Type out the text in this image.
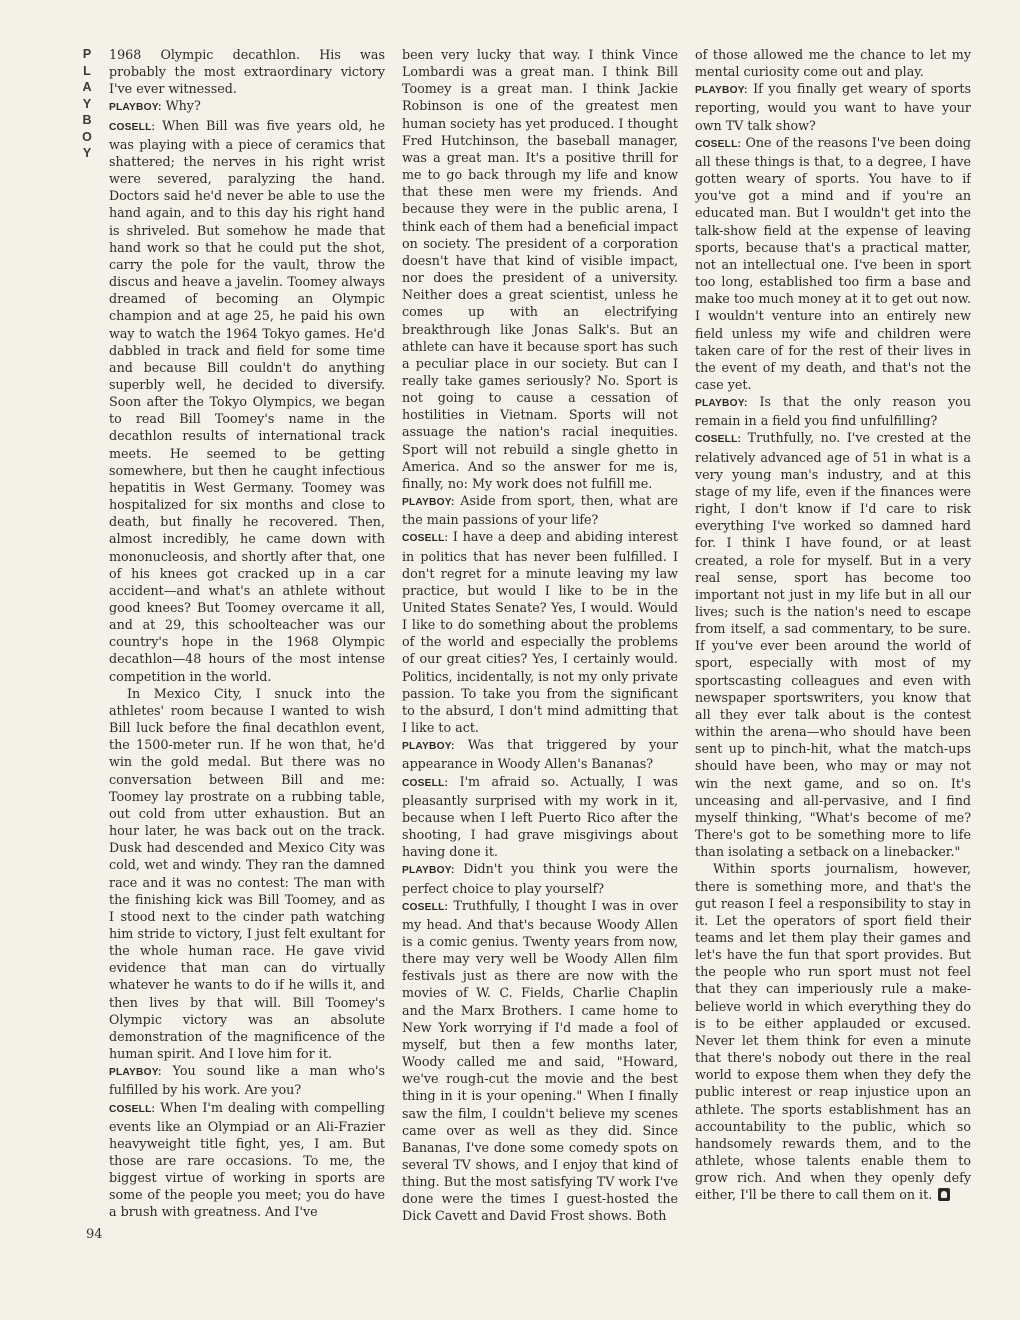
P
L
A
Y
B
O
Y

1968 Olympic decathlon. His was probably the most extraordinary victory I've ever witnessed.

PLAYBOY: Why?

COSELL: When Bill was five years old, he was playing with a piece of ceramics that shattered; the nerves in his right wrist were severed, paralyzing the hand. Doctors said he'd never be able to use the hand again, and to this day his right hand is shriveled. But somehow he made that hand work so that he could put the shot, carry the pole for the vault, throw the discus and heave a javelin. Toomey always dreamed of becoming an Olympic champion and at age 25, he paid his own way to watch the 1964 Tokyo games. He'd dabbled in track and field for some time and because Bill couldn't do anything superbly well, he decided to diversify. Soon after the Tokyo Olympics, we began to read Bill Toomey's name in the decathlon results of international track meets. He seemed to be getting somewhere, but then he caught infectious hepatitis in West Germany. Toomey was hospitalized for six months and close to death, but finally he recovered. Then, almost incredibly, he came down with mononucleosis, and shortly after that, one of his knees got cracked up in a car accident—and what's an athlete without good knees? But Toomey overcame it all, and at 29, this schoolteacher was our country's hope in the 1968 Olympic decathlon—48 hours of the most intense competition in the world.

In Mexico City, I snuck into the athletes' room because I wanted to wish Bill luck before the final decathlon event, the 1500-meter run. If he won that, he'd win the gold medal. But there was no conversation between Bill and me: Toomey lay prostrate on a rubbing table, out cold from utter exhaustion. But an hour later, he was back out on the track. Dusk had descended and Mexico City was cold, wet and windy. They ran the damned race and it was no contest: The man with the finishing kick was Bill Toomey, and as I stood next to the cinder path watching him stride to victory, I just felt exultant for the whole human race. He gave vivid evidence that man can do virtually whatever he wants to do if he wills it, and then lives by that will. Bill Toomey's Olympic victory was an absolute demonstration of the magnificence of the human spirit. And I love him for it.

PLAYBOY: You sound like a man who's fulfilled by his work. Are you?

COSELL: When I'm dealing with compelling events like an Olympiad or an Ali-Frazier heavyweight title fight, yes, I am. But those are rare occasions. To me, the biggest virtue of working in sports are some of the people you meet; you do have a brush with greatness. And I've

been very lucky that way. I think Vince Lombardi was a great man. I think Bill Toomey is a great man. I think Jackie Robinson is one of the greatest men human society has yet produced. I thought Fred Hutchinson, the baseball manager, was a great man. It's a positive thrill for me to go back through my life and know that these men were my friends. And because they were in the public arena, I think each of them had a beneficial impact on society. The president of a corporation doesn't have that kind of visible impact, nor does the president of a university. Neither does a great scientist, unless he comes up with an electrifying breakthrough like Jonas Salk's. But an athlete can have it because sport has such a peculiar place in our society. But can I really take games seriously? No. Sport is not going to cause a cessation of hostilities in Vietnam. Sports will not assuage the nation's racial inequities. Sport will not rebuild a single ghetto in America. And so the answer for me is, finally, no: My work does not fulfill me.

PLAYBOY: Aside from sport, then, what are the main passions of your life?

COSELL: I have a deep and abiding interest in politics that has never been fulfilled. I don't regret for a minute leaving my law practice, but would I like to be in the United States Senate? Yes, I would. Would I like to do something about the problems of the world and especially the problems of our great cities? Yes, I certainly would. Politics, incidentally, is not my only private passion. To take you from the significant to the absurd, I don't mind admitting that I like to act.

PLAYBOY: Was that triggered by your appearance in Woody Allen's Bananas?

COSELL: I'm afraid so. Actually, I was pleasantly surprised with my work in it, because when I left Puerto Rico after the shooting, I had grave misgivings about having done it.

PLAYBOY: Didn't you think you were the perfect choice to play yourself?

COSELL: Truthfully, I thought I was in over my head. And that's because Woody Allen is a comic genius. Twenty years from now, there may very well be Woody Allen film festivals just as there are now with the movies of W. C. Fields, Charlie Chaplin and the Marx Brothers. I came home to New York worrying if I'd made a fool of myself, but then a few months later, Woody called me and said, "Howard, we've rough-cut the movie and the best thing in it is your opening." When I finally saw the film, I couldn't believe my scenes came over as well as they did. Since Bananas, I've done some comedy spots on several TV shows, and I enjoy that kind of thing. But the most satisfying TV work I've done were the times I guest-hosted the Dick Cavett and David Frost shows. Both

of those allowed me the chance to let my mental curiosity come out and play.

PLAYBOY: If you finally get weary of sports reporting, would you want to have your own TV talk show?

COSELL: One of the reasons I've been doing all these things is that, to a degree, I have gotten weary of sports. You have to if you've got a mind and if you're an educated man. But I wouldn't get into the talk-show field at the expense of leaving sports, because that's a practical matter, not an intellectual one. I've been in sport too long, established too firm a base and make too much money at it to get out now. I wouldn't venture into an entirely new field unless my wife and children were taken care of for the rest of their lives in the event of my death, and that's not the case yet.

PLAYBOY: Is that the only reason you remain in a field you find unfulfilling?

COSELL: Truthfully, no. I've crested at the relatively advanced age of 51 in what is a very young man's industry, and at this stage of my life, even if the finances were right, I don't know if I'd care to risk everything I've worked so damned hard for. I think I have found, or at least created, a role for myself. But in a very real sense, sport has become too important not just in my life but in all our lives; such is the nation's need to escape from itself, a sad commentary, to be sure. If you've ever been around the world of sport, especially with most of my sportscasting colleagues and even with newspaper sportswriters, you know that all they ever talk about is the contest within the arena—who should have been sent up to pinch-hit, what the match-ups should have been, who may or may not win the next game, and so on. It's unceasing and all-pervasive, and I find myself thinking, "What's become of me? There's got to be something more to life than isolating a setback on a linebacker."

Within sports journalism, however, there is something more, and that's the gut reason I feel a responsibility to stay in it. Let the operators of sport field their teams and let them play their games and let's have the fun that sport provides. But the people who run sport must not feel that they can imperiously rule a make-believe world in which everything they do is to be either applauded or excused. Never let them think for even a minute that there's nobody out there in the real world to expose them when they defy the public interest or reap injustice upon an athlete. The sports establishment has an accountability to the public, which so handsomely rewards them, and to the athlete, whose talents enable them to grow rich. And when they openly defy either, I'll be there to call them on it.

94
